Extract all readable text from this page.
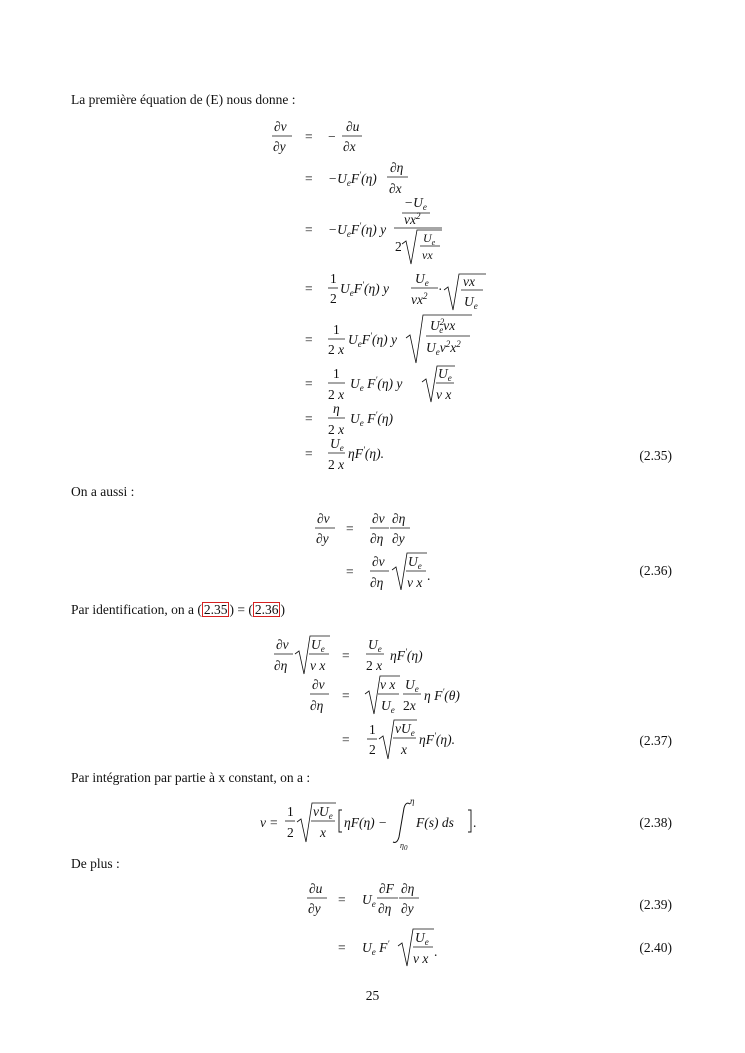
La première équation de (E) nous donne :
∂v
∂y
= −
∂u
∂x
= $-U_eF'(\eta)$
∂η
∂x
= $-U_eF'(\eta)$ y
$-U_e$
$\nu x^2$
2
$U_e$
νx
=
1
2
$U_eF'(\eta)$ y
$U_e$
$\nu x^2$ ·
νx
$U_e$
=
1
2 x
$U_eF'(\eta)$ y
$U^2$ eνx
$U_e\nu^2x^2$
=
1
2 x
$U_e$ F′(η) y
$U_e$
ν x
=
η
2 x
$U_e$ F′(η)
=
$U_e$
2 x
ηF′(η).	(2.35)
On a aussi :
∂v
∂y
=
∂v
∂η
∂η
∂y
=
∂v
∂η
$U_e$
ν x .	(2.36)
Par identification, on a ( 2.35 ) = ( 2.36 )
∂v
∂η
$U_e$
ν x
=
$U_e$
2 x
ηF′(η)
∂v
∂η
=
ν x
$U_e$
$U_e$
2x
η F′(θ)
=
1
2
$\nu U_e$
x
ηF′(η).	(2.37)
Par intégration par partie à x constant, on a :
v =
1
2
$\nu U_e$
x
ηF(η) −
η
η0
F(s) ds .	(2.38)
De plus :
∂u
∂y
= $U_e$
∂F
∂η
∂η
∂y
= $U_e$ F′ $U_e$
ν x .
(2.39)
(2.40)
25
